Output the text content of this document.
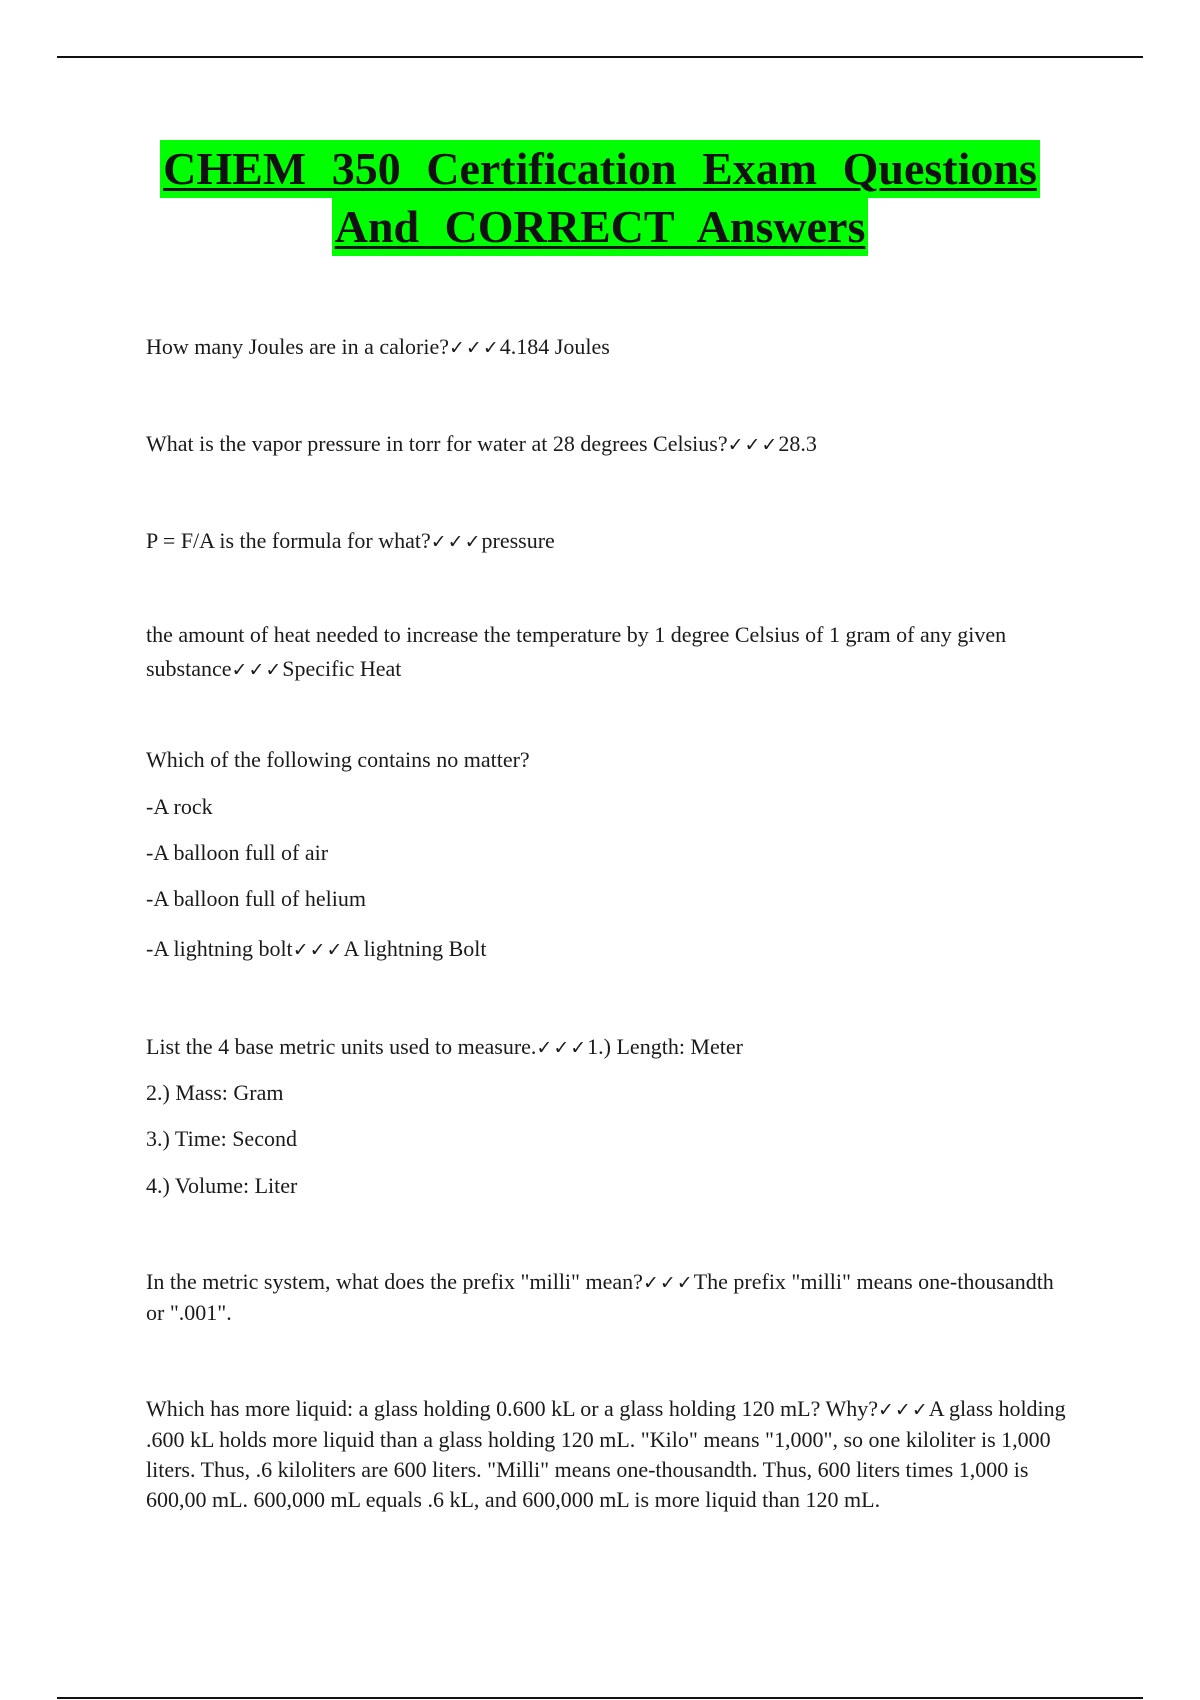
CHEM 350 Certification Exam Questions
And CORRECT Answers

How many Joules are in a calorie?✓✓✓4.184 Joules

What is the vapor pressure in torr for water at 28 degrees Celsius?✓✓✓28.3

P = F/A is the formula for what?✓✓✓pressure

the amount of heat needed to increase the temperature by 1 degree Celsius of 1 gram of any given substance✓✓✓Specific Heat

Which of the following contains no matter?

-A rock

-A balloon full of air

-A balloon full of helium

-A lightning bolt✓✓✓A lightning Bolt

List the 4 base metric units used to measure.✓✓✓1.) Length: Meter

2.) Mass: Gram

3.) Time: Second

4.) Volume: Liter

In the metric system, what does the prefix "milli" mean?✓✓✓The prefix "milli" means one-thousandth or ".001".

Which has more liquid: a glass holding 0.600 kL or a glass holding 120 mL? Why?✓✓✓A glass holding .600 kL holds more liquid than a glass holding 120 mL. "Kilo" means "1,000", so one kiloliter is 1,000 liters. Thus, .6 kiloliters are 600 liters. "Milli" means one-thousandth. Thus, 600 liters times 1,000 is 600,00 mL. 600,000 mL equals .6 kL, and 600,000 mL is more liquid than 120 mL.
